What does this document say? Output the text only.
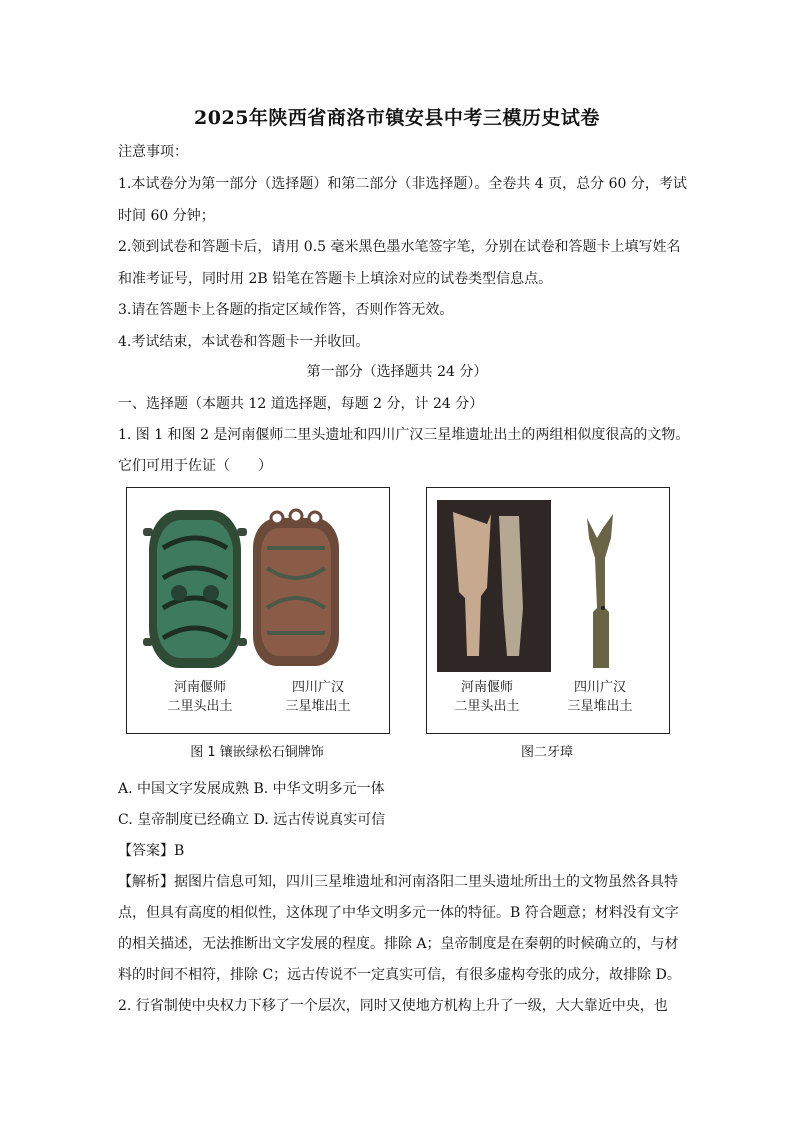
2025年陕西省商洛市镇安县中考三模历史试卷
注意事项：
1.本试卷分为第一部分（选择题）和第二部分（非选择题）。全卷共 4 页，总分 60 分，考试
时间 60 分钟；
2.领到试卷和答题卡后，请用 0.5 毫米黑色墨水笔签字笔，分别在试卷和答题卡上填写姓名
和准考证号，同时用 2B 铅笔在答题卡上填涂对应的试卷类型信息点。
3.请在答题卡上各题的指定区域作答，否则作答无效。
4.考试结束，本试卷和答题卡一并收回。
第一部分（选择题共 24 分）
一、选择题（本题共 12 道选择题，每题 2 分，计 24 分）
1. 图 1 和图 2 是河南偃师二里头遗址和四川广汉三星堆遗址出土的两组相似度很高的文物。
它们可用于佐证（　　）
河南偃师
二里头出土
四川广汉
三星堆出土
图 1 镶嵌绿松石铜牌饰
河南偃师
二里头出土
四川广汉
三星堆出土
图二牙璋
A. 中国文字发展成熟 B. 中华文明多元一体
C. 皇帝制度已经确立 D. 远古传说真实可信
【答案】B
【解析】据图片信息可知，四川三星堆遗址和河南洛阳二里头遗址所出土的文物虽然各具特
点，但具有高度的相似性，这体现了中华文明多元一体的特征。B 符合题意；材料没有文字
的相关描述，无法推断出文字发展的程度。排除 A；皇帝制度是在秦朝的时候确立的，与材
料的时间不相符，排除 C；远古传说不一定真实可信，有很多虚构夸张的成分，故排除 D。
2. 行省制使中央权力下移了一个层次，同时又使地方机构上升了一级，大大靠近中央，也
